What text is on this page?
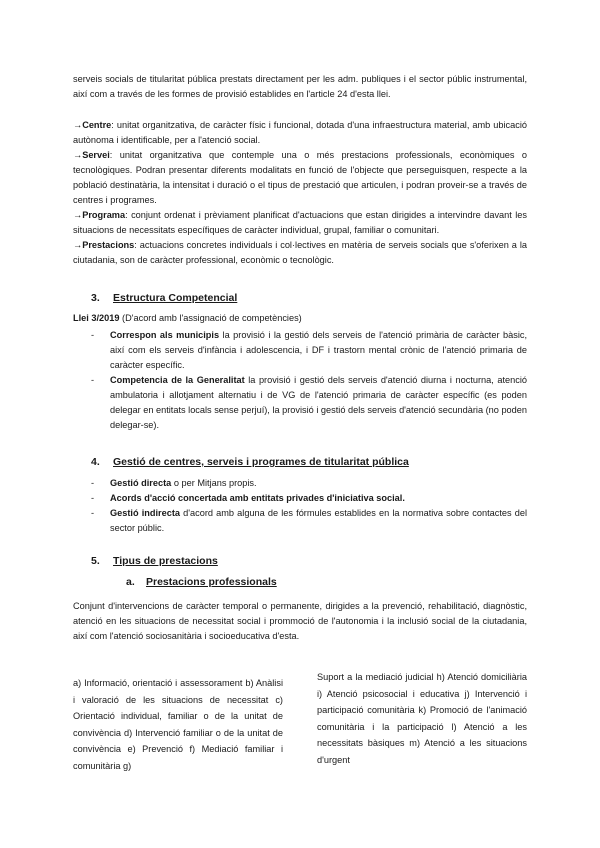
serveis socials de titularitat pública prestats directament per les adm. publiques i el sector públic instrumental, així com a través de les formes de provisió establides en l'article 24 d'esta llei.

→Centre: unitat organitzativa, de caràcter físic i funcional, dotada d'una infraestructura material, amb ubicació autònoma i identificable, per a l'atenció social.

→Servei: unitat organitzativa que contemple una o més prestacions professionals, econòmiques o tecnològiques. Podran presentar diferents modalitats en funció de l'objecte que perseguisquen, respecte a la població destinatària, la intensitat i duració o el tipus de prestació que articulen, i podran proveir-se a través de centres i programes.

→Programa: conjunt ordenat i prèviament planificat d'actuacions que estan dirigides a intervindre davant les situacions de necessitats específiques de caràcter individual, grupal, familiar o comunitari.

→Prestacions: actuacions concretes individuals i col·lectives en matèria de serveis socials que s'oferixen a la ciutadania, son de caràcter professional, econòmic o tecnològic.

3. Estructura Competencial

Llei 3/2019 (D'acord amb l'assignació de competències)

- Correspon als municipis la provisió i la gestió dels serveis de l'atenció primària de caràcter bàsic, així com els serveis d'infància i adolescencia, i DF i trastorn mental crònic de l'atenció primaria de caràcter específic.
- Competencia de la Generalitat la provisió i gestió dels serveis d'atenció diurna i nocturna, atenció ambulatoria i allotjament alternatiu i de VG de l'atenció primaria de caràcter específic (es poden delegar en entitats locals sense perjuí), la provisió i gestió dels serveis d'atenció secundària (no poden delegar-se).
4. Gestió de centres, serveis i programes de titularitat pública
- Gestió directa o per Mitjans propis.
- Acords d'acció concertada amb entitats privades d'iniciativa social.
- Gestió indirecta d'acord amb alguna de les fórmules establides en la normativa sobre contactes del sector públic.
5. Tipus de prestacions
a. Prestacions professionals

Conjunt d'intervencions de caràcter temporal o permanente, dirigides a la prevenció, rehabilitació, diagnòstic, atenció en les situacions de necessitat social i prommoció de l'autonomia i la inclusió social de la ciutadania, així com l'atenció sociosanitària i socioeducativa d'esta.

a) Informació, orientació i assessorament b) Anàlisi i valoració de les situacions de necessitat c) Orientació individual, familiar o de la unitat de convivència d) Intervenció familiar o de la unitat de convivència e) Prevenció f) Mediació familiar i comunitària g)

Suport a la mediació judicial h) Atenció domiciliària i) Atenció psicosocial i educativa j) Intervenció i participació comunitària k) Promoció de l'animació comunitària i la participació l) Atenció a les necessitats bàsiques m) Atenció a les situacions d'urgent
